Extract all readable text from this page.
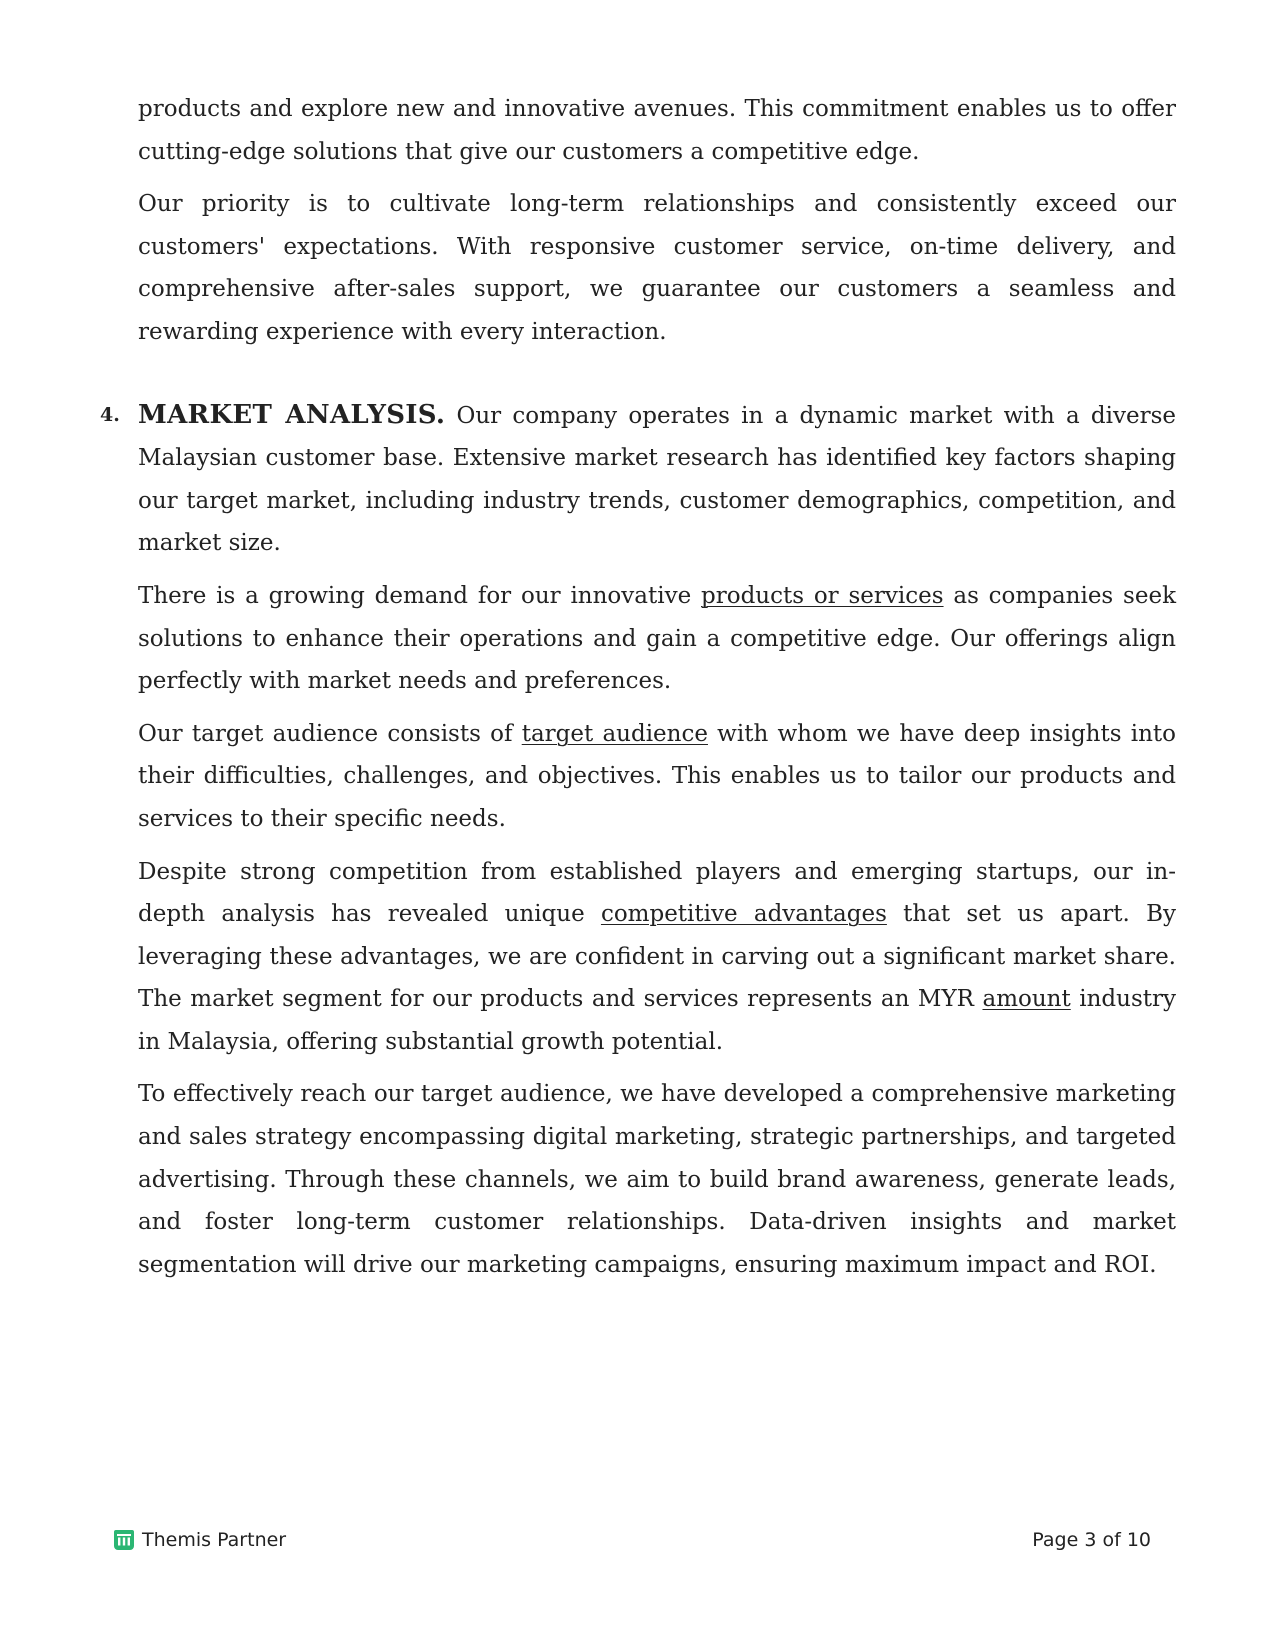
products and explore new and innovative avenues. This commitment enables us to offer cutting-edge solutions that give our customers a competitive edge.

Our priority is to cultivate long-term relationships and consistently exceed our customers' expectations. With responsive customer service, on-time delivery, and comprehensive after-sales support, we guarantee our customers a seamless and rewarding experience with every interaction.

4. MARKET ANALYSIS. Our company operates in a dynamic market with a diverse Malaysian customer base. Extensive market research has identified key factors shaping our target market, including industry trends, customer demographics, competition, and market size.

There is a growing demand for our innovative products or services as companies seek solutions to enhance their operations and gain a competitive edge. Our offerings align perfectly with market needs and preferences.

Our target audience consists of target audience with whom we have deep insights into their difficulties, challenges, and objectives. This enables us to tailor our products and services to their specific needs.

Despite strong competition from established players and emerging startups, our in-depth analysis has revealed unique competitive advantages that set us apart. By leveraging these advantages, we are confident in carving out a significant market share. The market segment for our products and services represents an MYR amount industry in Malaysia, offering substantial growth potential.

To effectively reach our target audience, we have developed a comprehensive marketing and sales strategy encompassing digital marketing, strategic partnerships, and targeted advertising. Through these channels, we aim to build brand awareness, generate leads, and foster long-term customer relationships. Data-driven insights and market segmentation will drive our marketing campaigns, ensuring maximum impact and ROI.

Themis Partner	Page 3 of 10
